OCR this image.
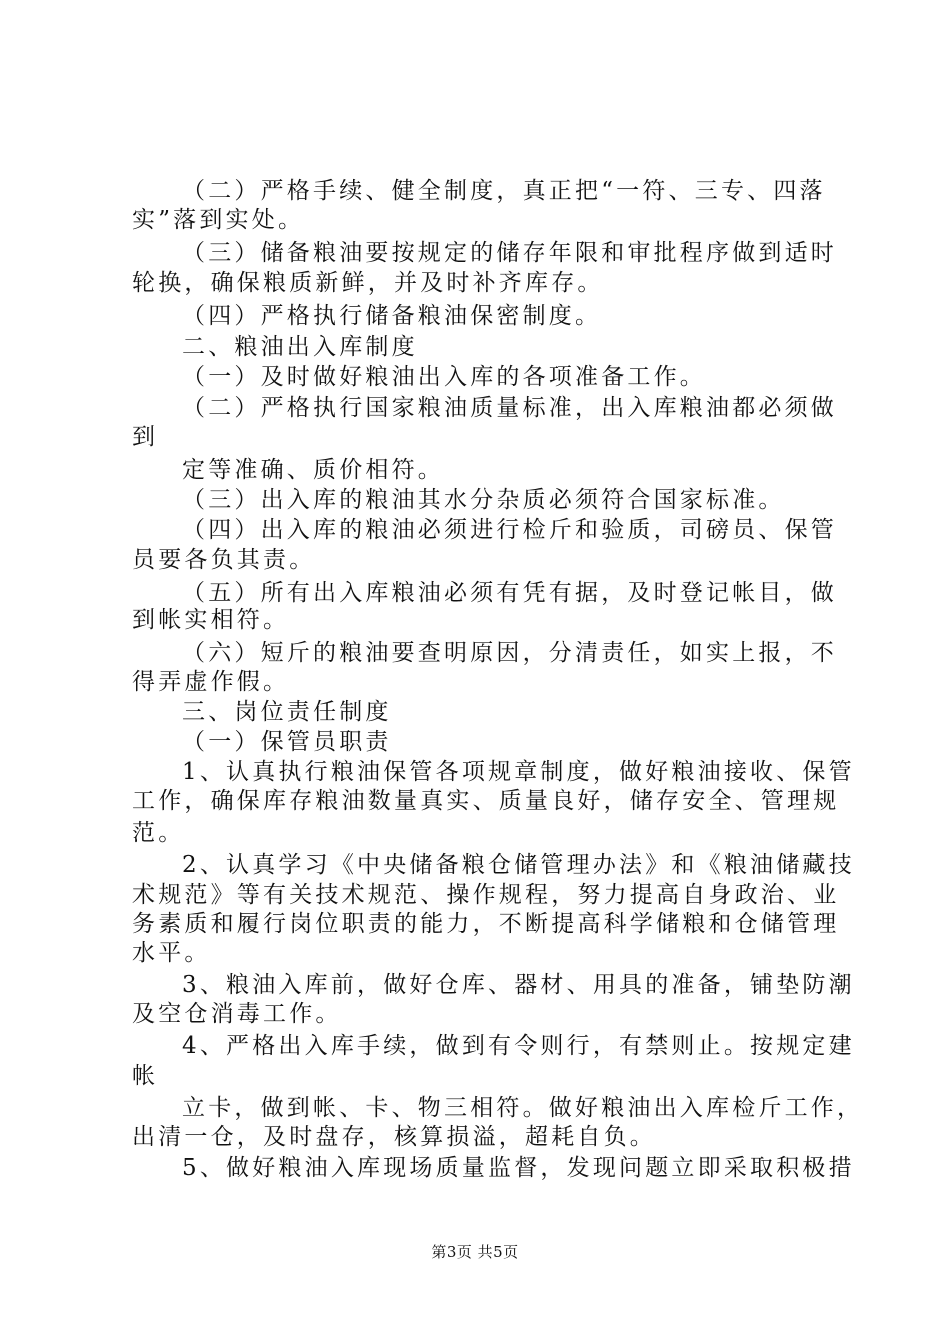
（二）严格手续、健全制度，真正把“一符、三专、四落
实”落到实处。
（三）储备粮油要按规定的储存年限和审批程序做到适时
轮换，确保粮质新鲜，并及时补齐库存。
（四）严格执行储备粮油保密制度。
二、粮油出入库制度
（一）及时做好粮油出入库的各项准备工作。
（二）严格执行国家粮油质量标准，出入库粮油都必须做
到
定等准确、质价相符。
（三）出入库的粮油其水分杂质必须符合国家标准。
（四）出入库的粮油必须进行检斤和验质，司磅员、保管
员要各负其责。
（五）所有出入库粮油必须有凭有据，及时登记帐目，做
到帐实相符。
（六）短斤的粮油要查明原因，分清责任，如实上报，不
得弄虚作假。
三、岗位责任制度
（一）保管员职责
1、认真执行粮油保管各项规章制度，做好粮油接收、保管
工作，确保库存粮油数量真实、质量良好，储存安全、管理规
范。
2、认真学习《中央储备粮仓储管理办法》和《粮油储藏技
术规范》等有关技术规范、操作规程，努力提高自身政治、业
务素质和履行岗位职责的能力，不断提高科学储粮和仓储管理
水平。
3、粮油入库前，做好仓库、器材、用具的准备，铺垫防潮
及空仓消毒工作。
4、严格出入库手续，做到有令则行，有禁则止。按规定建
帐
立卡，做到帐、卡、物三相符。做好粮油出入库检斤工作，
出清一仓，及时盘存，核算损溢，超耗自负。
5、做好粮油入库现场质量监督，发现问题立即采取积极措
第3页 共5页
